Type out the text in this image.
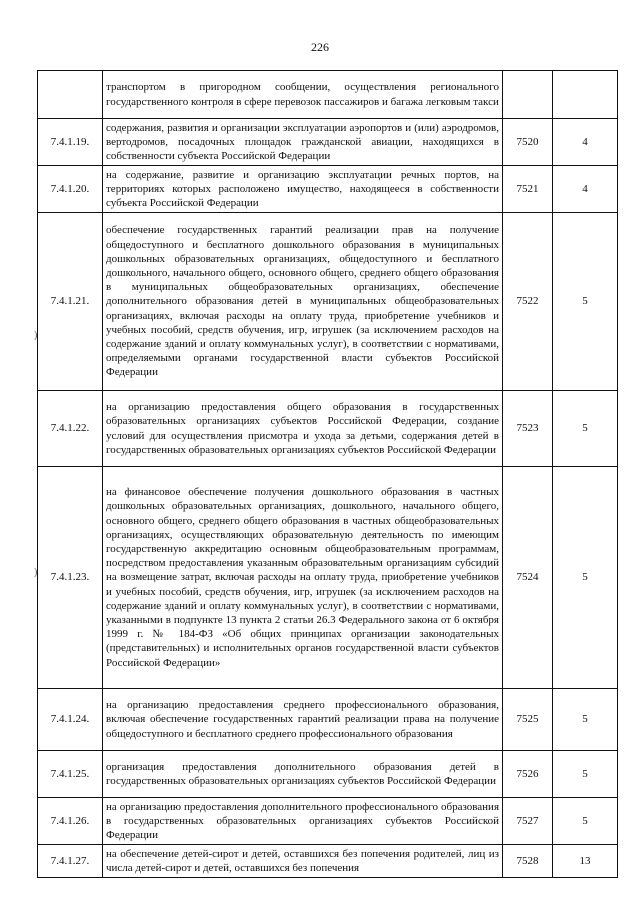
226
)
)
	транспортом в пригородном сообщении, осуществления регионального государственного контроля в сфере перевозок пассажиров и багажа легковым такси		
7.4.1.19.	содержания, развития и организации эксплуатации аэропортов и (или) аэродромов, вертодромов, посадочных площадок гражданской авиации, находящихся в собственности субъекта Российской Федерации	7520	4
7.4.1.20.	на содержание, развитие и организацию эксплуатации речных портов, на территориях которых расположено имущество, находящееся в собственности субъекта Российской Федерации	7521	4
7.4.1.21.	обеспечение государственных гарантий реализации прав на получение общедоступного и бесплатного дошкольного образования в муниципальных дошкольных образовательных организациях, общедоступного и бесплатного дошкольного, начального общего, основного общего, среднего общего образования в муниципальных общеобразовательных организациях, обеспечение дополнительного образования детей в муниципальных общеобразовательных организациях, включая расходы на оплату труда, приобретение учебников и учебных пособий, средств обучения, игр, игрушек (за исключением расходов на содержание зданий и оплату коммунальных услуг), в соответствии с нормативами, определяемыми органами государственной власти субъектов Российской Федерации	7522	5
7.4.1.22.	на организацию предоставления общего образования в государственных образовательных организациях субъектов Российской Федерации, создание условий для осуществления присмотра и ухода за детьми, содержания детей в государственных образовательных организациях субъектов Российской Федерации	7523	5
7.4.1.23.	на финансовое обеспечение получения дошкольного образования в частных дошкольных образовательных организациях, дошкольного, начального общего, основного общего, среднего общего образования в частных общеобразовательных организациях, осуществляющих образовательную деятельность по имеющим государственную аккредитацию основным общеобразовательным программам, посредством предоставления указанным образовательным организациям субсидий на возмещение затрат, включая расходы на оплату труда, приобретение учебников и учебных пособий, средств обучения, игр, игрушек (за исключением расходов на содержание зданий и оплату коммунальных услуг), в соответствии с нормативами, указанными в подпункте 13 пункта 2 статьи 26.3 Федерального закона от 6 октября 1999 г. № 184-ФЗ «Об общих принципах организации законодательных (представительных) и исполнительных органов государственной власти субъектов Российской Федерации»	7524	5
7.4.1.24.	на организацию предоставления среднего профессионального образования, включая обеспечение государственных гарантий реализации права на получение общедоступного и бесплатного среднего профессионального образования	7525	5
7.4.1.25.	организация предоставления дополнительного образования детей в государственных образовательных организациях субъектов Российской Федерации	7526	5
7.4.1.26.	на организацию предоставления дополнительного профессионального образования в государственных образовательных организациях субъектов Российской Федерации	7527	5
7.4.1.27.	на обеспечение детей-сирот и детей, оставшихся без попечения родителей, лиц из числа детей-сирот и детей, оставшихся без попечения	7528	13
